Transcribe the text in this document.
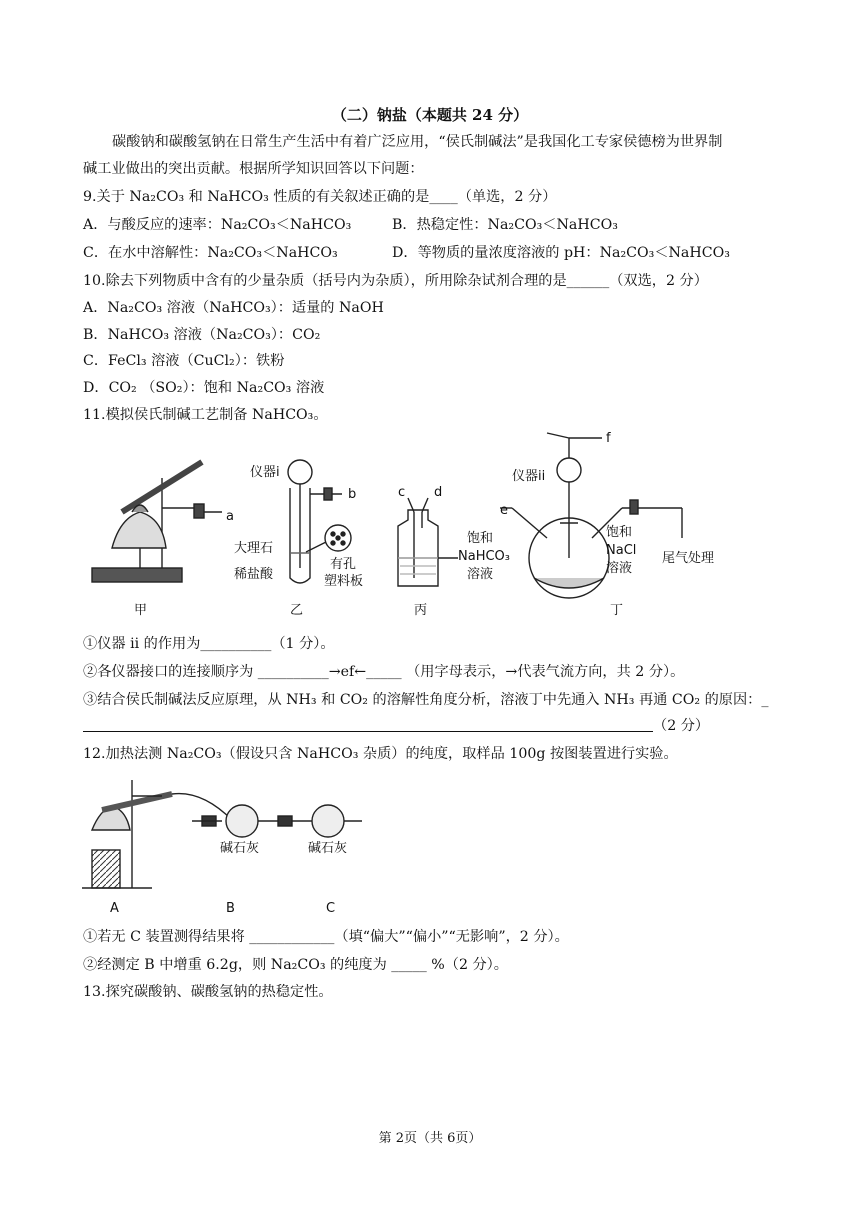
（二）钠盐（本题共 24 分）
碳酸钠和碳酸氢钠在日常生产生活中有着广泛应用，“侯氏制碱法”是我国化工专家侯德榜为世界制
碱工业做出的突出贡献。根据所学知识回答以下问题：
9.关于 Na₂CO₃ 和 NaHCO₃ 性质的有关叙述正确的是____（单选，2 分）
A．与酸反应的速率：Na₂CO₃＜NaHCO₃	B．热稳定性：Na₂CO₃＜NaHCO₃
C．在水中溶解性：Na₂CO₃＜NaHCO₃	D．等物质的量浓度溶液的 pH：Na₂CO₃＜NaHCO₃
10.除去下列物质中含有的少量杂质（括号内为杂质），所用除杂试剂合理的是______（双选，2 分）
A．Na₂CO₃ 溶液（NaHCO₃）：适量的 NaOH
B．NaHCO₃ 溶液（Na₂CO₃）：CO₂
C．FeCl₃ 溶液（CuCl₂）：铁粉
D．CO₂ （SO₂）：饱和 Na₂CO₃ 溶液
11.模拟侯氏制碱工艺制备 NaHCO₃。
a
仪器i
b
大理石
稀盐酸
有孔
塑料板
c d
饱和
NaHCO₃
溶液
仪器ii
e
f
饱和
NaCl
溶液
尾气处理
甲	乙	丙	丁
①仪器 ii 的作用为__________（1 分）。
②各仪器接口的连接顺序为 __________→ef←_____ （用字母表示，→代表气流方向，共 2 分）。
③结合侯氏制碱法反应原理，从 NH₃ 和 CO₂ 的溶解性角度分析，溶液丁中先通入 NH₃ 再通 CO₂ 的原因：_
（2 分）
12.加热法测 Na₂CO₃（假设只含 NaHCO₃ 杂质）的纯度，取样品 100g 按图装置进行实验。
碱石灰	碱石灰
A	B	C
①若无 C 装置测得结果将 ____________（填“偏大”“偏小”“无影响”，2 分）。
②经测定 B 中增重 6.2g，则 Na₂CO₃ 的纯度为 _____ %（2 分）。
13.探究碳酸钠、碳酸氢钠的热稳定性。
第 2页（共 6页）
